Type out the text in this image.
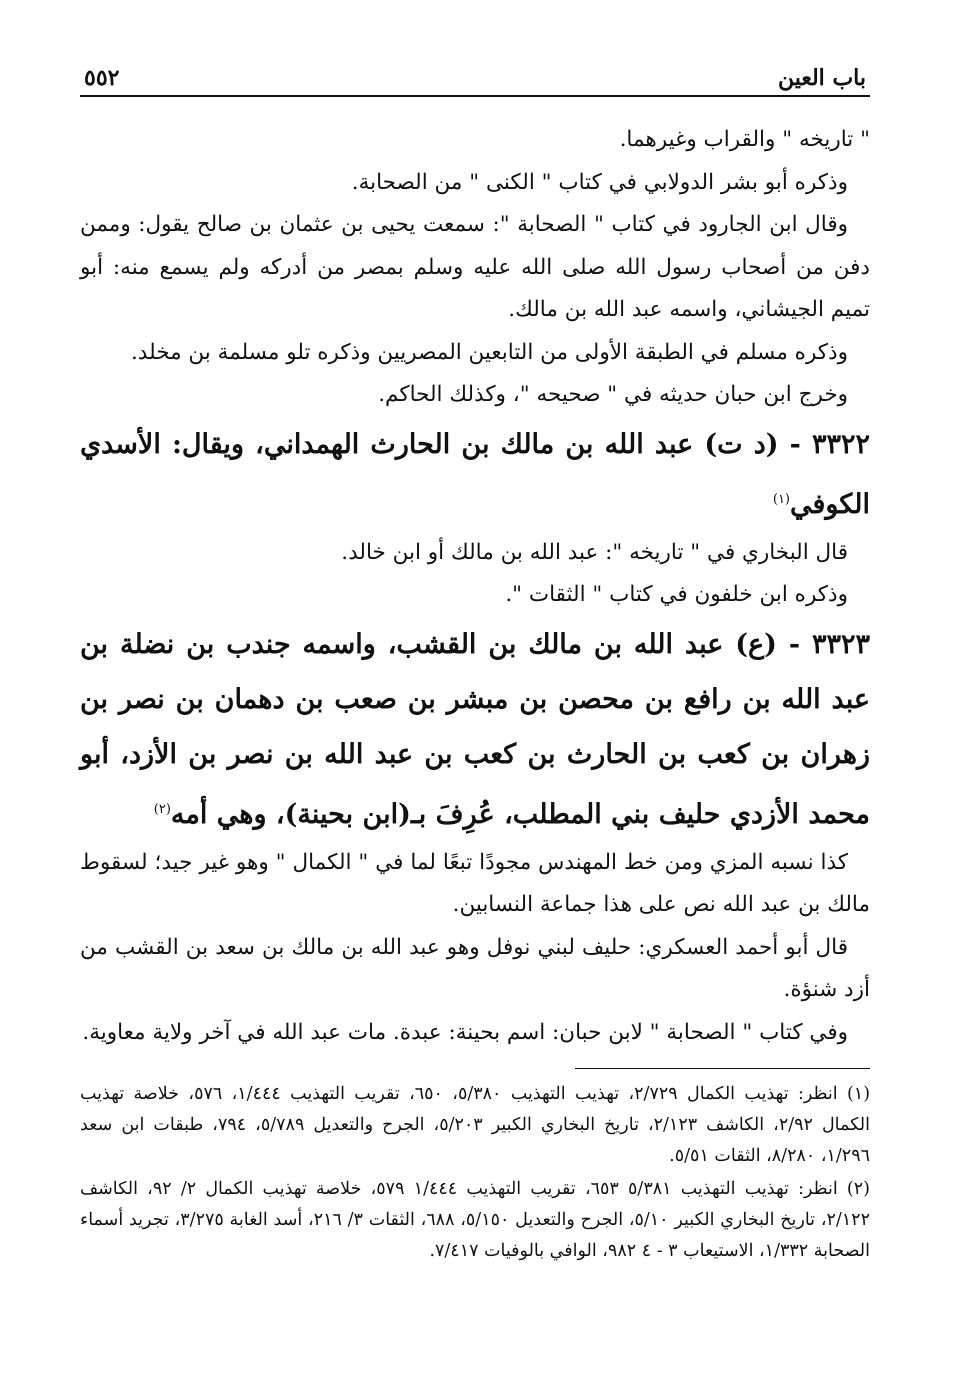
باب العين
٥٥٢

" تاريخه " والقراب وغيرهما.

وذكره أبو بشر الدولابي في كتاب " الكنى " من الصحابة.

وقال ابن الجارود في كتاب " الصحابة ": سمعت يحيى بن عثمان بن صالح يقول: وممن دفن من أصحاب رسول الله صلى الله عليه وسلم بمصر من أدركه ولم يسمع منه: أبو تميم الجيشاني، واسمه عبد الله بن مالك.

وذكره مسلم في الطبقة الأولى من التابعين المصريين وذكره تلو مسلمة بن مخلد.

وخرج ابن حبان حديثه في " صحيحه "، وكذلك الحاكم.

٣٣٢٢ - (د ت) عبد الله بن مالك بن الحارث الهمداني، ويقال: الأسدي الكوفي$^{(١)}$

قال البخاري في " تاريخه ": عبد الله بن مالك أو ابن خالد.

وذكره ابن خلفون في كتاب " الثقات ".

٣٣٢٣ - (ع) عبد الله بن مالك بن القشب، واسمه جندب بن نضلة بن عبد الله بن رافع بن محصن بن مبشر بن صعب بن دهمان بن نصر بن زهران بن كعب بن الحارث بن كعب بن عبد الله بن نصر بن الأزد، أبو محمد الأزدي حليف بني المطلب، عُرِفَ بـ(ابن بحينة)، وهي أمه$^{(٢)}$

كذا نسبه المزي ومن خط المهندس مجودًا تبعًا لما في " الكمال " وهو غير جيد؛ لسقوط مالك بن عبد الله نص على هذا جماعة النسابين.

قال أبو أحمد العسكري: حليف لبني نوفل وهو عبد الله بن مالك بن سعد بن القشب من أزد شنؤة.

وفي كتاب " الصحابة " لابن حبان: اسم بحينة: عبدة. مات عبد الله في آخر ولاية معاوية.

(١) انظر: تهذيب الكمال ٢/٧٢٩، تهذيب التهذيب ٥/٣٨٠، ٦٥٠، تقريب التهذيب ١/٤٤٤، ٥٧٦، خلاصة تهذيب الكمال ٢/٩٢، الكاشف ٢/١٢٣، تاريخ البخاري الكبير ٥/٢٠٣، الجرح والتعديل ٥/٧٨٩، ٧٩٤، طبقات ابن سعد ١/٢٩٦، ٨/٢٨٠، الثقات ٥/٥١.

(٢) انظر: تهذيب التهذيب ٥/٣٨١ ٦٥٣، تقريب التهذيب ١/٤٤٤ ٥٧٩، خلاصة تهذيب الكمال ٢/ ٩٢، الكاشف ٢/١٢٢، تاريخ البخاري الكبير ٥/١٠، الجرح والتعديل ٥/١٥٠، ٦٨٨، الثقات ٣/ ٢١٦، أسد الغابة ٣/٢٧٥، تجريد أسماء الصحابة ١/٣٣٢، الاستيعاب ٣ - ٤ ٩٨٢، الوافي بالوفيات ٧/٤١٧.
